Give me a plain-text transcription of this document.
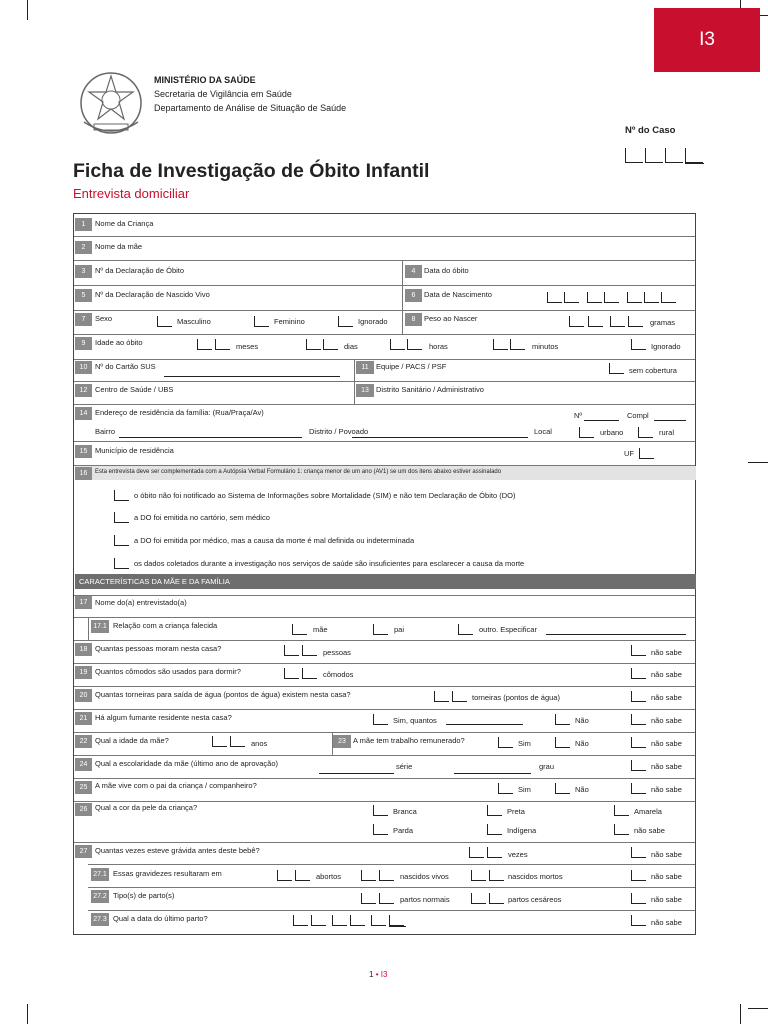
I3
MINISTÉRIO DA SAÚDE
Secretaria de Vigilância em Saúde
Departamento de Análise de Situação de Saúde
Nº do Caso
Ficha de Investigação de Óbito Infantil
Entrevista domiciliar
1	Nome da Criança
2	Nome da mãe
3	Nº da Declaração de Óbito	4	Data do óbito
5	Nº da Declaração de Nascido Vivo	6	Data de Nascimento
7	Sexo	Masculino	Feminino	Ignorado	8	Peso ao Nascer	gramas
9	Idade ao óbito	meses	dias	horas	minutos	Ignorado
10	Nº do Cartão SUS	11 Equipe / PACS / PSF	sem cobertura
12	Centro de Saúde / UBS	13 Distrito Sanitário / Administrativo
14	Endereço de residência da família: (Rua/Praça/Av)	Nº	Compl
Bairro	Distrito / Povoado	Local	urbano	rural
15	Município de residência	UF
16	Esta entrevista deve ser complementada com a Autópsia Verbal Formulário 1: criança menor de um ano (AV1) se um dos itens abaixo estiver assinalado
o óbito não foi notificado ao Sistema de Informações sobre Mortalidade (SIM) e não tem Declaração de Óbito (DO)
a DO foi emitida no cartório, sem médico
a DO foi emitida por médico, mas a causa da morte é mal definida ou indeterminada
os dados coletados durante a investigação nos serviços de saúde são insuficientes para esclarecer a causa da morte
CARACTERÍSTICAS DA MÃE E DA FAMÍLIA
17	Nome do(a) entrevistado(a)
17.1 Relação com a criança falecida	mãe	pai	outro. Especificar
18	Quantas pessoas moram nesta casa?	pessoas	não sabe
19	Quantos cômodos são usados para dormir?	cômodos	não sabe
20	Quantas torneiras para saída de água (pontos de água) existem nesta casa?	torneiras (pontos de água)	não sabe
21	Há algum fumante residente nesta casa?	Sim, quantos	Não	não sabe
22	Qual a idade da mãe?	anos	23 A mãe tem trabalho remunerado?	Sim	Não	não sabe
24	Qual a escolaridade da mãe (último ano de aprovação)	série	grau	não sabe
25	A mãe vive com o pai da criança / companheiro?	Sim	Não	não sabe
26	Qual a cor da pele da criança?	Branca	Preta	Amarela
Parda	Indígena	não sabe
27	Quantas vezes esteve grávida antes deste bebê?	vezes	não sabe
27.1 Essas gravidezes resultaram em	abortos	nascidos vivos	nascidos mortos	não sabe
27.2 Tipo(s) de parto(s)	partos normais	partos cesáreos	não sabe
27.3 Qual a data do último parto?	não sabe
1 • I3
